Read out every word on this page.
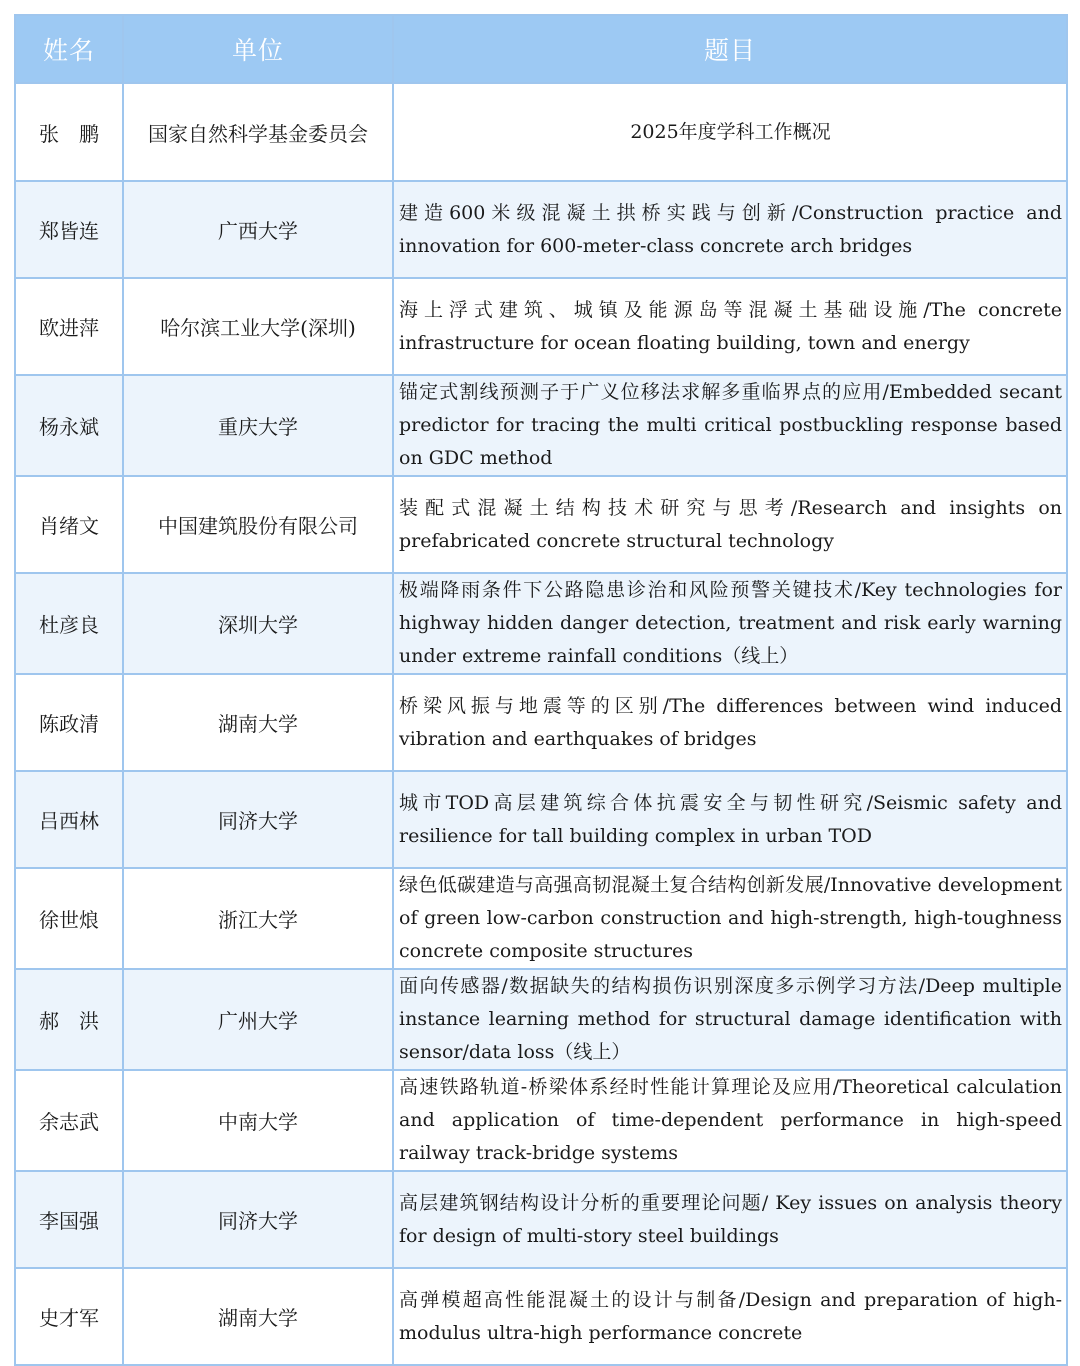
姓名	单位	题目
张　鹏	国家自然科学基金委员会	2025年度学科工作概况
郑皆连	广西大学	建造600米级混凝土拱桥实践与创新/Construction practice and innovation for 600-meter-class concrete arch bridges
欧进萍	哈尔滨工业大学(深圳)	海上浮式建筑、城镇及能源岛等混凝土基础设施/The concrete infrastructure for ocean floating building, town and energy
杨永斌	重庆大学	锚定式割线预测子于广义位移法求解多重临界点的应用/Embedded secant predictor for tracing the multi critical postbuckling response based on GDC method
肖绪文	中国建筑股份有限公司	装配式混凝土结构技术研究与思考/Research and insights on prefabricated concrete structural technology
杜彦良	深圳大学	极端降雨条件下公路隐患诊治和风险预警关键技术/Key technologies for highway hidden danger detection, treatment and risk early warning under extreme rainfall conditions（线上）
陈政清	湖南大学	桥梁风振与地震等的区别/The differences between wind induced vibration and earthquakes of bridges
吕西林	同济大学	城市TOD高层建筑综合体抗震安全与韧性研究/Seismic safety and resilience for tall building complex in urban TOD
徐世烺	浙江大学	绿色低碳建造与高强高韧混凝土复合结构创新发展/Innovative development of green low-carbon construction and high-strength, high-toughness concrete composite structures
郝　洪	广州大学	面向传感器/数据缺失的结构损伤识别深度多示例学习方法/Deep multiple instance learning method for structural damage identification with sensor/data loss（线上）
余志武	中南大学	高速铁路轨道-桥梁体系经时性能计算理论及应用/Theoretical calculation and application of time-dependent performance in high-speed railway track-bridge systems
李国强	同济大学	高层建筑钢结构设计分析的重要理论问题/ Key issues on analysis theory for design of multi-story steel buildings
史才军	湖南大学	高弹模超高性能混凝土的设计与制备/Design and preparation of high-modulus ultra-high performance concrete
